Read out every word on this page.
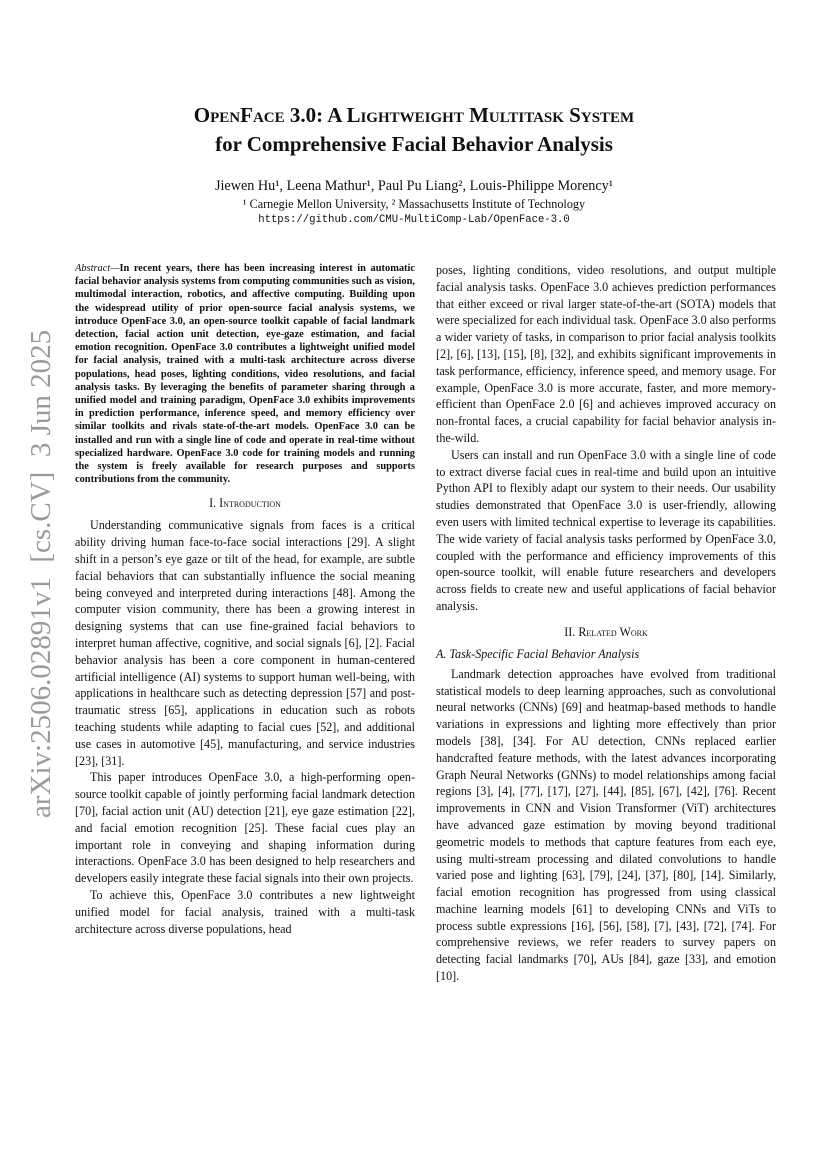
arXiv:2506.02891v1  [cs.CV]  3 Jun 2025
OpenFace 3.0: A Lightweight Multitask System
for Comprehensive Facial Behavior Analysis
Jiewen Hu¹, Leena Mathur¹, Paul Pu Liang², Louis-Philippe Morency¹
¹ Carnegie Mellon University, ² Massachusetts Institute of Technology
https://github.com/CMU-MultiComp-Lab/OpenFace-3.0

Abstract—In recent years, there has been increasing interest in automatic facial behavior analysis systems from computing communities such as vision, multimodal interaction, robotics, and affective computing. Building upon the widespread utility of prior open-source facial analysis systems, we introduce OpenFace 3.0, an open-source toolkit capable of facial landmark detection, facial action unit detection, eye-gaze estimation, and facial emotion recognition. OpenFace 3.0 contributes a lightweight unified model for facial analysis, trained with a multi-task architecture across diverse populations, head poses, lighting conditions, video resolutions, and facial analysis tasks. By leveraging the benefits of parameter sharing through a unified model and training paradigm, OpenFace 3.0 exhibits improvements in prediction performance, inference speed, and memory efficiency over similar toolkits and rivals state-of-the-art models. OpenFace 3.0 can be installed and run with a single line of code and operate in real-time without specialized hardware. OpenFace 3.0 code for training models and running the system is freely available for research purposes and supports contributions from the community.

I. Introduction

Understanding communicative signals from faces is a critical ability driving human face-to-face social interactions [29]. A slight shift in a person’s eye gaze or tilt of the head, for example, are subtle facial behaviors that can substantially influence the social meaning being conveyed and interpreted during interactions [48]. Among the computer vision community, there has been a growing interest in designing systems that can use fine-grained facial behaviors to interpret human affective, cognitive, and social signals [6], [2]. Facial behavior analysis has been a core component in human-centered artificial intelligence (AI) systems to support human well-being, with applications in healthcare such as detecting depression [57] and post-traumatic stress [65], applications in education such as robots teaching students while adapting to facial cues [52], and additional use cases in automotive [45], manufacturing, and service industries [23], [31].

This paper introduces OpenFace 3.0, a high-performing open-source toolkit capable of jointly performing facial landmark detection [70], facial action unit (AU) detection [21], eye gaze estimation [22], and facial emotion recognition [25]. These facial cues play an important role in conveying and shaping information during interactions. OpenFace 3.0 has been designed to help researchers and developers easily integrate these facial signals into their own projects.

To achieve this, OpenFace 3.0 contributes a new lightweight unified model for facial analysis, trained with a multi-task architecture across diverse populations, head

poses, lighting conditions, video resolutions, and output multiple facial analysis tasks. OpenFace 3.0 achieves prediction performances that either exceed or rival larger state-of-the-art (SOTA) models that were specialized for each individual task. OpenFace 3.0 also performs a wider variety of tasks, in comparison to prior facial analysis toolkits [2], [6], [13], [15], [8], [32], and exhibits significant improvements in task performance, efficiency, inference speed, and memory usage. For example, OpenFace 3.0 is more accurate, faster, and more memory-efficient than OpenFace 2.0 [6] and achieves improved accuracy on non-frontal faces, a crucial capability for facial behavior analysis in-the-wild.

Users can install and run OpenFace 3.0 with a single line of code to extract diverse facial cues in real-time and build upon an intuitive Python API to flexibly adapt our system to their needs. Our usability studies demonstrated that OpenFace 3.0 is user-friendly, allowing even users with limited technical expertise to leverage its capabilities. The wide variety of facial analysis tasks performed by OpenFace 3.0, coupled with the performance and efficiency improvements of this open-source toolkit, will enable future researchers and developers across fields to create new and useful applications of facial behavior analysis.

II. Related Work
A. Task-Specific Facial Behavior Analysis

Landmark detection approaches have evolved from traditional statistical models to deep learning approaches, such as convolutional neural networks (CNNs) [69] and heatmap-based methods to handle variations in expressions and lighting more effectively than prior models [38], [34]. For AU detection, CNNs replaced earlier handcrafted feature methods, with the latest advances incorporating Graph Neural Networks (GNNs) to model relationships among facial regions [3], [4], [77], [17], [27], [44], [85], [67], [42], [76]. Recent improvements in CNN and Vision Transformer (ViT) architectures have advanced gaze estimation by moving beyond traditional geometric models to methods that capture features from each eye, using multi-stream processing and dilated convolutions to handle varied pose and lighting [63], [79], [24], [37], [80], [14]. Similarly, facial emotion recognition has progressed from using classical machine learning models [61] to developing CNNs and ViTs to process subtle expressions [16], [56], [58], [7], [43], [72], [74]. For comprehensive reviews, we refer readers to survey papers on detecting facial landmarks [70], AUs [84], gaze [33], and emotion [10].
